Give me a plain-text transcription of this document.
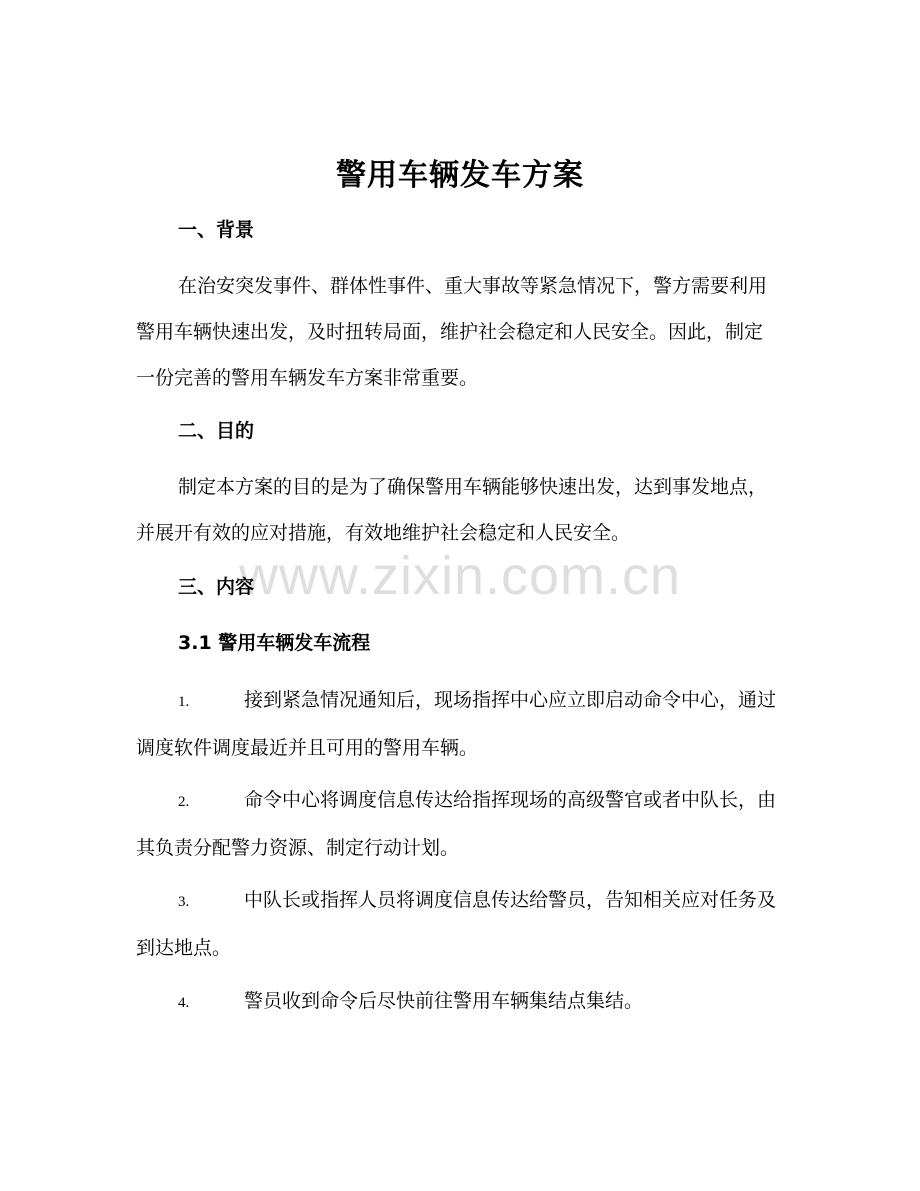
www.zixin.com.cn
警用车辆发车方案
一、背景

在治安突发事件、群体性事件、重大事故等紧急情况下，警方需要利用警用车辆快速出发，及时扭转局面，维护社会稳定和人民安全。因此，制定一份完善的警用车辆发车方案非常重要。

二、目的

制定本方案的目的是为了确保警用车辆能够快速出发，达到事发地点，并展开有效的应对措施，有效地维护社会稳定和人民安全。

三、内容
3.1 警用车辆发车流程

1.	接到紧急情况通知后，现场指挥中心应立即启动命令中心，通过调度软件调度最近并且可用的警用车辆。

2.	命令中心将调度信息传达给指挥现场的高级警官或者中队长，由其负责分配警力资源、制定行动计划。

3.	中队长或指挥人员将调度信息传达给警员，告知相关应对任务及到达地点。

4.	警员收到命令后尽快前往警用车辆集结点集结。
